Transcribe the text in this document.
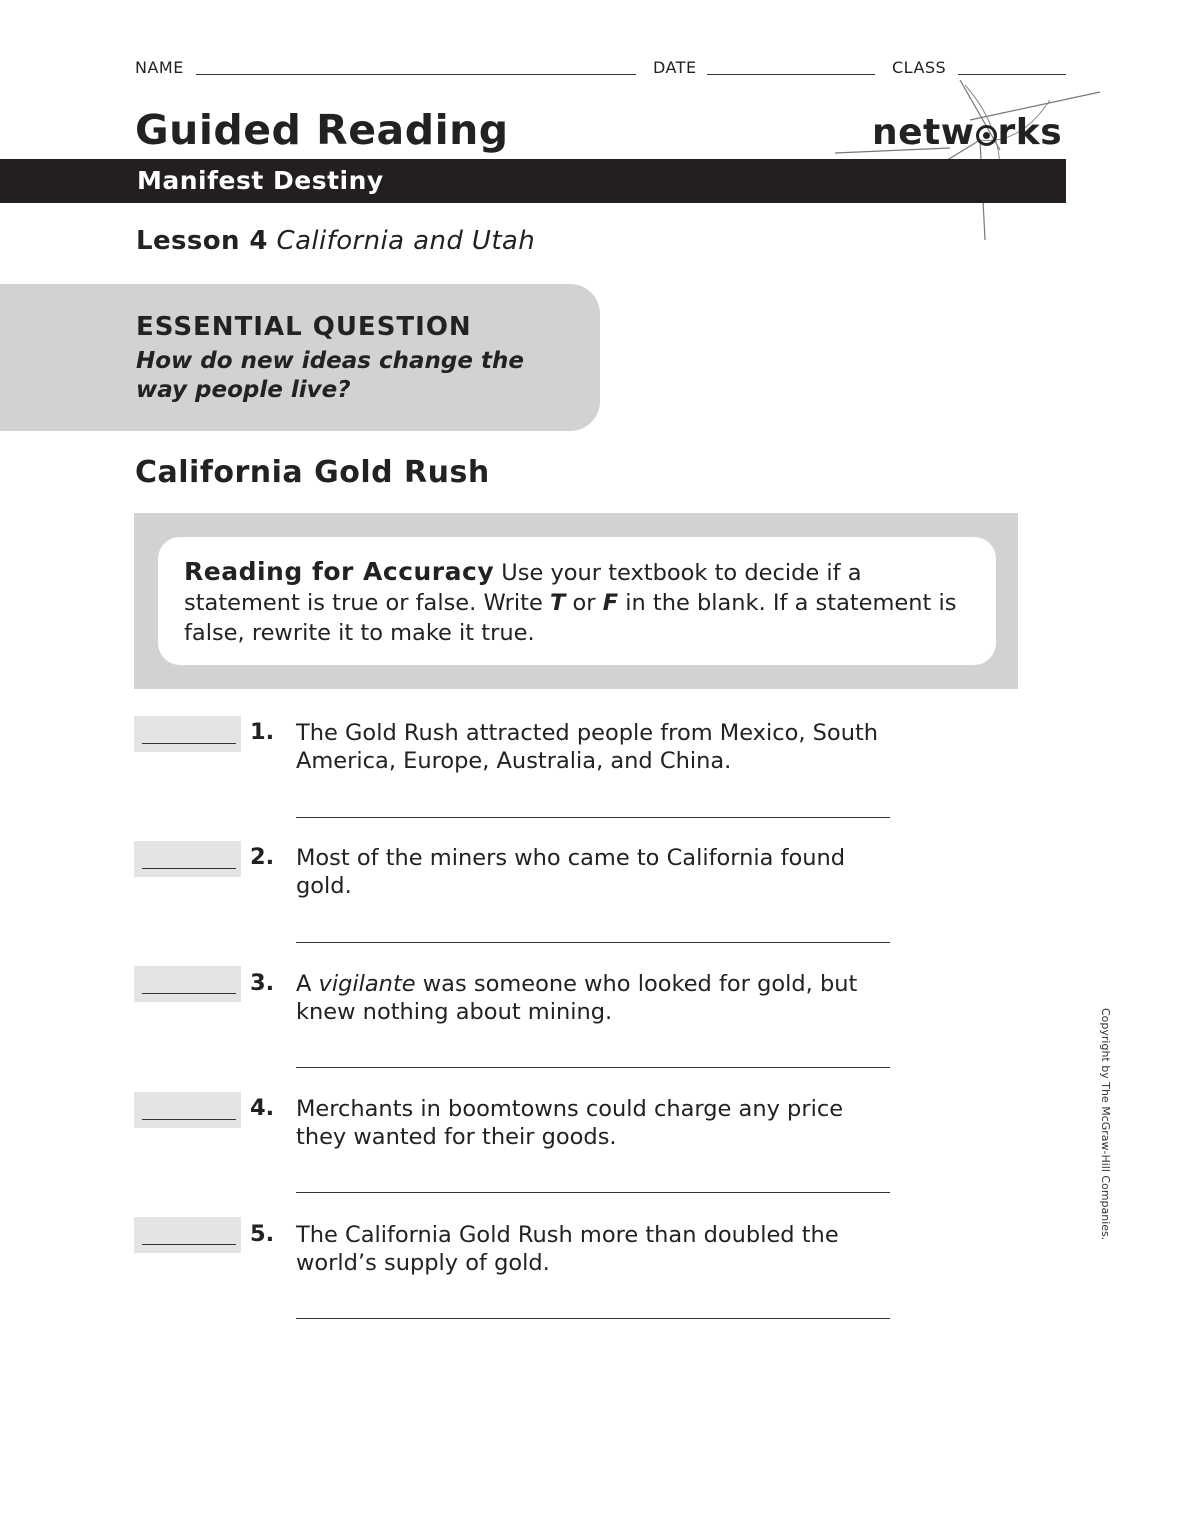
NAME	DATE	CLASS
Guided Reading	netw rks
Manifest Destiny
Lesson 4 California and Utah
ESSENTIAL QUESTION
How do new ideas change the way people live?
California Gold Rush
Reading for Accuracy Use your textbook to decide if a statement is true or false. Write T or F in the blank. If a statement is false, rewrite it to make it true.
1. The Gold Rush attracted people from Mexico, South America, Europe, Australia, and China.
2. Most of the miners who came to California found gold.
3. A vigilante was someone who looked for gold, but knew nothing about mining.
4. Merchants in boomtowns could charge any price they wanted for their goods.
5. The California Gold Rush more than doubled the world’s supply of gold.
Copyright by The McGraw-Hill Companies.
